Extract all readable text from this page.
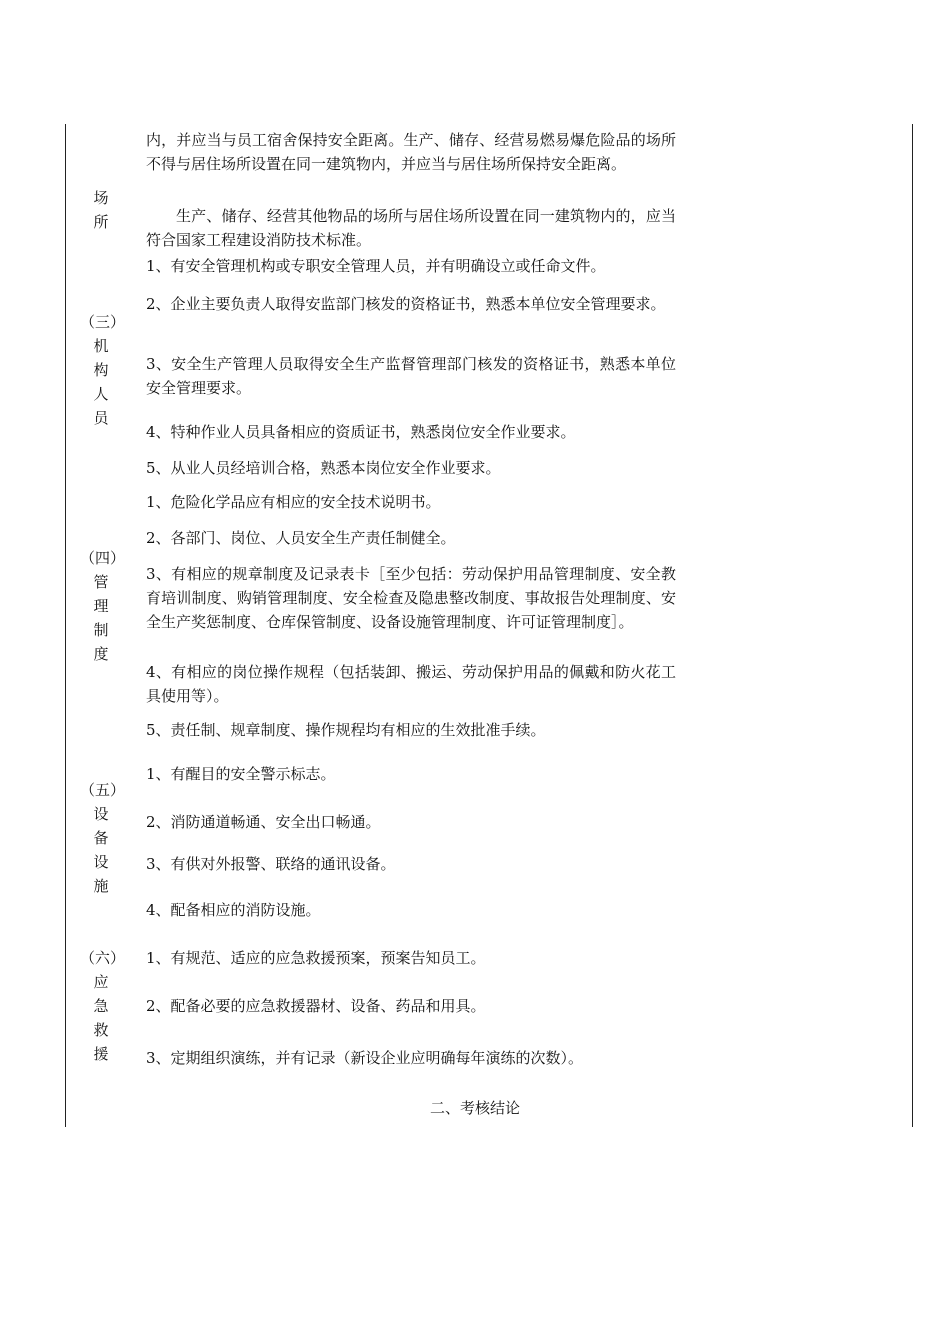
场
所
内，并应当与员工宿舍保持安全距离。生产、储存、经营易燃易爆危险品的场所不得与居住场所设置在同一建筑物内，并应当与居住场所保持安全距离。
生产、储存、经营其他物品的场所与居住场所设置在同一建筑物内的，应当符合国家工程建设消防技术标准。
（三）
机
构
人
员
1、有安全管理机构或专职安全管理人员，并有明确设立或任命文件。
2、企业主要负责人取得安监部门核发的资格证书，熟悉本单位安全管理要求。
3、安全生产管理人员取得安全生产监督管理部门核发的资格证书，熟悉本单位安全管理要求。
4、特种作业人员具备相应的资质证书，熟悉岗位安全作业要求。
5、从业人员经培训合格，熟悉本岗位安全作业要求。
（四）
管
理
制
度
1、危险化学品应有相应的安全技术说明书。
2、各部门、岗位、人员安全生产责任制健全。
3、有相应的规章制度及记录表卡［至少包括：劳动保护用品管理制度、安全教育培训制度、购销管理制度、安全检查及隐患整改制度、事故报告处理制度、安全生产奖惩制度、仓库保管制度、设备设施管理制度、许可证管理制度］。
4、有相应的岗位操作规程（包括装卸、搬运、劳动保护用品的佩戴和防火花工具使用等）。
5、责任制、规章制度、操作规程均有相应的生效批准手续。
（五）
设
备
设
施
1、有醒目的安全警示标志。
2、消防通道畅通、安全出口畅通。
3、有供对外报警、联络的通讯设备。
4、配备相应的消防设施。
（六）
应
急
救
援
1、有规范、适应的应急救援预案，预案告知员工。
2、配备必要的应急救援器材、设备、药品和用具。
3、定期组织演练，并有记录（新设企业应明确每年演练的次数）。
二、考核结论
